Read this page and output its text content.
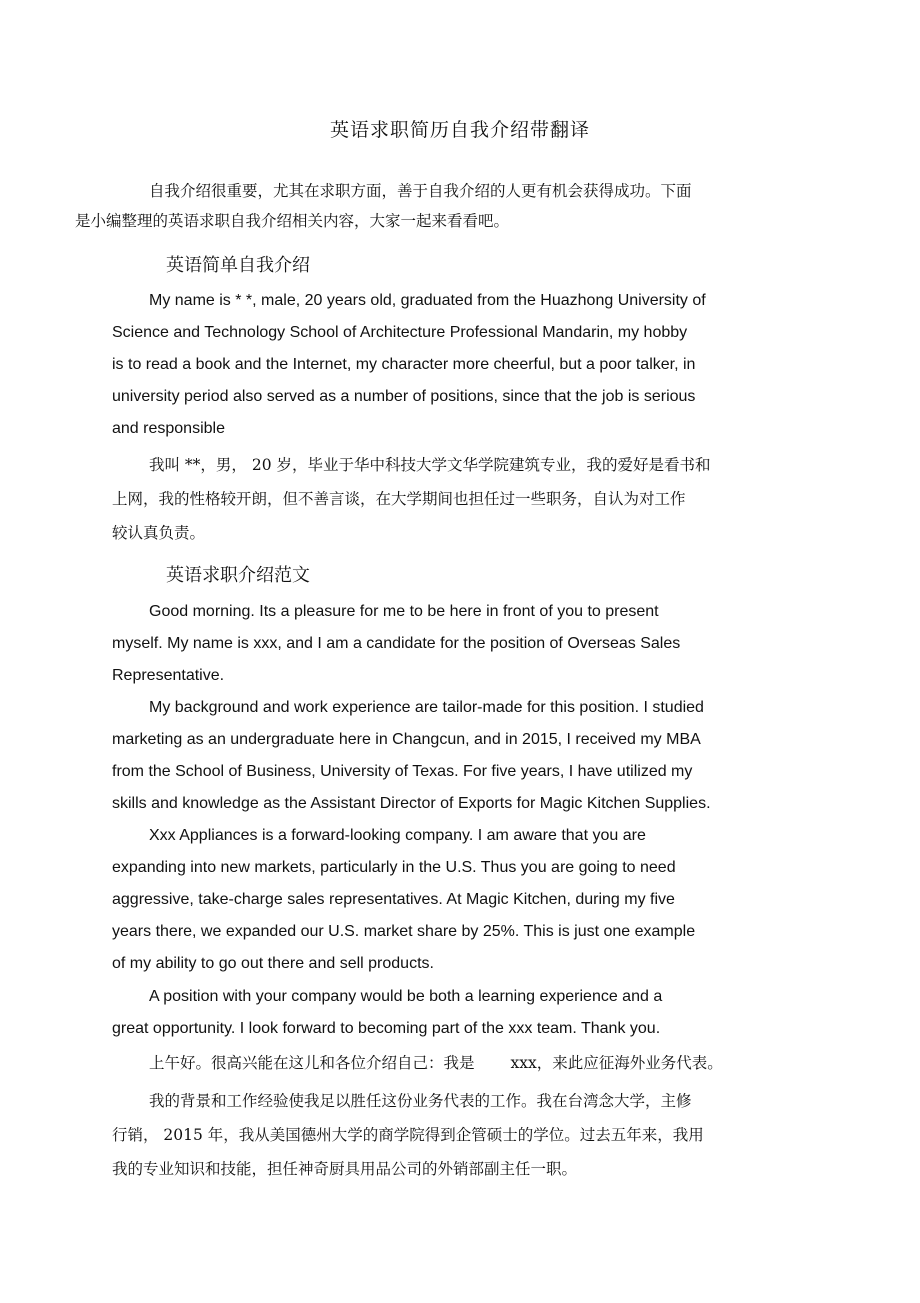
英语求职简历自我介绍带翻译
自我介绍很重要，尤其在求职方面，善于自我介绍的人更有机会获得成功。下面
是小编整理的英语求职自我介绍相关内容，大家一起来看看吧。
英语简单自我介绍
My name is * *, male, 20 years old, graduated from the Huazhong University of
Science and Technology School of Architecture Professional Mandarin, my hobby
is to read a book and the Internet, my character more cheerful, but a poor talker, in
university period also served as a number of positions, since that the job is serious
and responsible
我叫 **，男， 20 岁，毕业于华中科技大学文华学院建筑专业，我的爱好是看书和
上网，我的性格较开朗，但不善言谈，在大学期间也担任过一些职务，自认为对工作
较认真负责。
英语求职介绍范文
Good morning. Its a pleasure for me to be here in front of you to present
myself. My name is xxx, and I am a candidate for the position of Overseas Sales
Representative.
My background and work experience are tailor-made for this position. I studied
marketing as an undergraduate here in Changcun, and in 2015, I received my MBA
from the School of Business, University of Texas. For five years, I have utilized my
skills and knowledge as the Assistant Director of Exports for Magic Kitchen Supplies.
Xxx Appliances is a forward-looking company. I am aware that you are
expanding into new markets, particularly in the U.S. Thus you are going to need
aggressive, take-charge sales representatives. At Magic Kitchen, during my five
years there, we expanded our U.S. market share by 25%. This is just one example
of my ability to go out there and sell products.
A position with your company would be both a learning experience and a
great opportunity. I look forward to becoming part of the xxx team. Thank you.
上午好。很高兴能在这儿和各位介绍自己：我是 xxx，来此应征海外业务代表。
我的背景和工作经验使我足以胜任这份业务代表的工作。我在台湾念大学，主修
行销， 2015 年，我从美国德州大学的商学院得到企管硕士的学位。过去五年来，我用
我的专业知识和技能，担任神奇厨具用品公司的外销部副主任一职。
